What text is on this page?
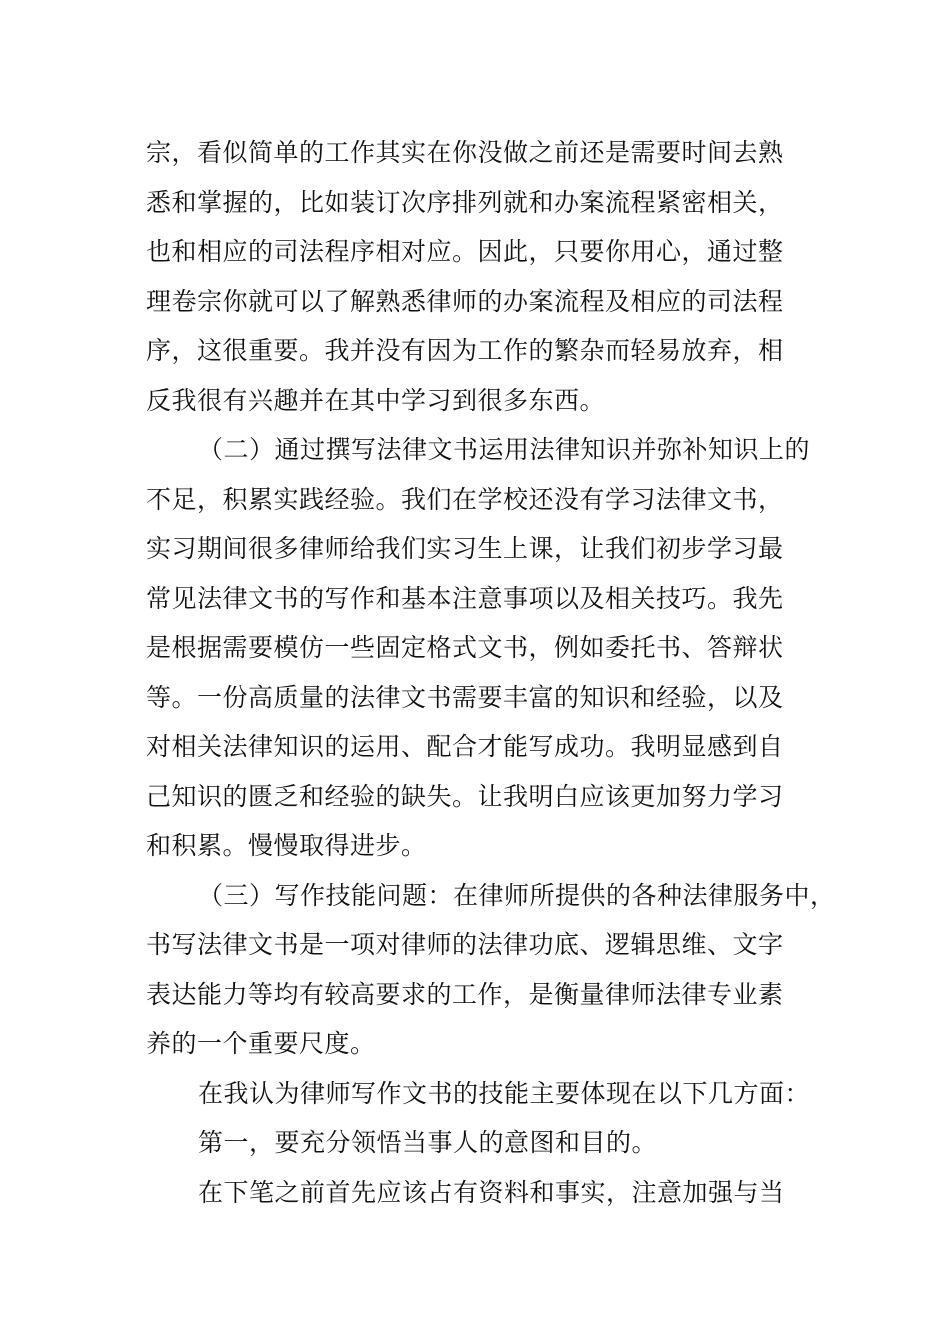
宗，看似简单的工作其实在你没做之前还是需要时间去熟
悉和掌握的，比如装订次序排列就和办案流程紧密相关，
也和相应的司法程序相对应。因此，只要你用心，通过整
理卷宗你就可以了解熟悉律师的办案流程及相应的司法程
序，这很重要。我并没有因为工作的繁杂而轻易放弃，相
反我很有兴趣并在其中学习到很多东西。
（二）通过撰写法律文书运用法律知识并弥补知识上的
不足，积累实践经验。我们在学校还没有学习法律文书，
实习期间很多律师给我们实习生上课，让我们初步学习最
常见法律文书的写作和基本注意事项以及相关技巧。我先
是根据需要模仿一些固定格式文书，例如委托书、答辩状
等。一份高质量的法律文书需要丰富的知识和经验，以及
对相关法律知识的运用、配合才能写成功。我明显感到自
己知识的匮乏和经验的缺失。让我明白应该更加努力学习
和积累。慢慢取得进步。
（三）写作技能问题：在律师所提供的各种法律服务中，
书写法律文书是一项对律师的法律功底、逻辑思维、文字
表达能力等均有较高要求的工作，是衡量律师法律专业素
养的一个重要尺度。
在我认为律师写作文书的技能主要体现在以下几方面：
第一，要充分领悟当事人的意图和目的。
在下笔之前首先应该占有资料和事实，注意加强与当
